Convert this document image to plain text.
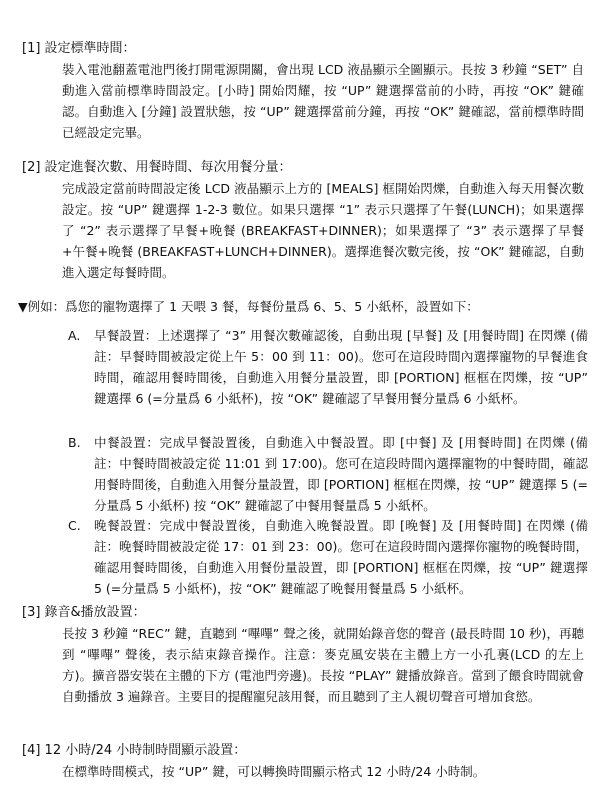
[1] 設定標準時間：

裝入電池翻蓋電池門後打開電源開關，會出現 LCD 液晶顯示全圖顯示。長按 3 秒鐘 “SET” 自動進入當前標準時間設定。[小時] 開始閃耀，按 “UP” 鍵選擇當前的小時，再按 “OK” 鍵確認。自動進入 [分鐘] 設置狀態，按 “UP” 鍵選擇當前分鐘，再按 “OK” 鍵確認，當前標準時間已經設定完畢。

[2] 設定進餐次數、用餐時間、每次用餐分量：

完成設定當前時間設定後 LCD 液晶顯示上方的 [MEALS] 框開始閃爍，自動進入每天用餐次數設定。按 “UP” 鍵選擇 1-2-3 數位。如果只選擇 “1” 表示只選擇了午餐(LUNCH)；如果選擇了 “2” 表示選擇了早餐+晚餐 (BREAKFAST+DINNER)；如果選擇了 “3” 表示選擇了早餐+午餐+晚餐 (BREAKFAST+LUNCH+DINNER)。選擇進餐次數完後，按 “OK” 鍵確認，自動進入選定每餐時間。

▼例如：爲您的寵物選擇了 1 天喂 3 餐，每餐份量爲 6、5、5 小紙杯，設置如下：

A.	早餐設置：上述選擇了 “3” 用餐次數確認後，自動出現 [早餐] 及 [用餐時間] 在閃爍 (備註：早餐時間被設定從上午 5：00 到 11：00)。您可在這段時間內選擇寵物的早餐進食時間，確認用餐時間後，自動進入用餐分量設置，即 [PORTION] 框框在閃爍，按 “UP” 鍵選擇 6 (=分量爲 6 小紙杯)，按 “OK” 鍵確認了早餐用餐分量爲 6 小紙杯。
B.	中餐設置：完成早餐設置後，自動進入中餐設置。即 [中餐] 及 [用餐時間] 在閃爍 (備註：中餐時間被設定從 11:01 到 17:00)。您可在這段時間內選擇寵物的中餐時間，確認用餐時間後，自動進入用餐分量設置，即 [PORTION] 框框在閃爍，按 “UP” 鍵選擇 5 (=分量爲 5 小紙杯) 按 “OK” 鍵確認了中餐用餐量爲 5 小紙杯。
C.	晚餐設置：完成中餐設置後，自動進入晚餐設置。即 [晚餐] 及 [用餐時間] 在閃爍 (備註：晚餐時間被設定從 17：01 到 23：00)。您可在這段時間內選擇你寵物的晚餐時間，確認用餐時間後，自動進入用餐份量設置，即 [PORTION] 框框在閃爍，按 “UP” 鍵選擇 5 (=分量爲 5 小紙杯)，按 “OK” 鍵確認了晚餐用餐量爲 5 小紙杯。

[3] 錄音&播放設置：

長按 3 秒鐘 “REC” 鍵，直聽到 “嗶嗶” 聲之後，就開始錄音您的聲音 (最長時間 10 秒)，再聽到 “嗶嗶” 聲後，表示結束錄音操作。注意：麥克風安裝在主體上方一小孔裏(LCD 的左上方)。擴音器安裝在主體的下方 (電池門旁邊)。長按 “PLAY” 鍵播放錄音。當到了餵食時間就會自動播放 3 遍錄音。主要目的提醒寵兒該用餐，而且聽到了主人親切聲音可增加食慾。

[4] 12 小時/24 小時制時間顯示設置：

在標準時間模式，按 “UP” 鍵，可以轉換時間顯示格式 12 小時/24 小時制。
